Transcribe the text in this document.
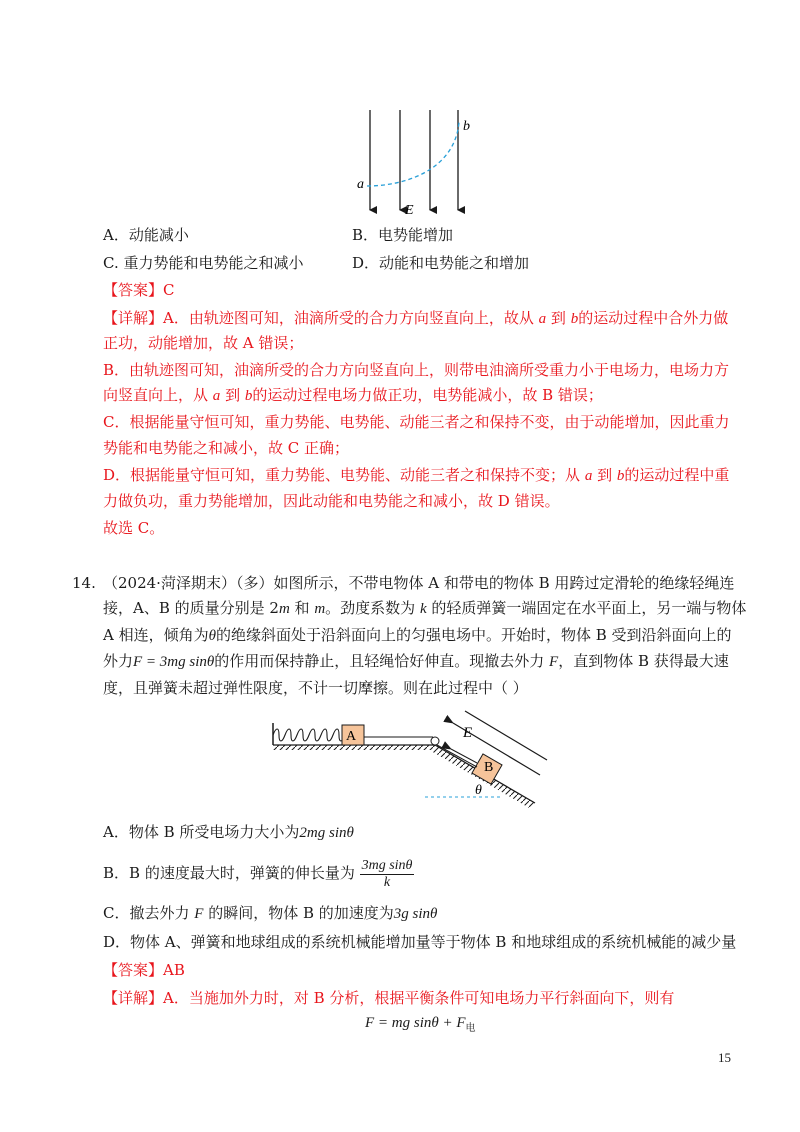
a
b
E
A．动能减小	B．电势能增加
C. 重力势能和电势能之和减小	D．动能和电势能之和增加
【答案】C
【详解】A．由轨迹图可知，油滴所受的合力方向竖直向上，故从 a 到 b的运动过程中合外力做
正功，动能增加，故 A 错误；
B．由轨迹图可知，油滴所受的合力方向竖直向上，则带电油滴所受重力小于电场力，电场力方
向竖直向上，从 a 到 b的运动过程电场力做正功，电势能减小，故 B 错误；
C．根据能量守恒可知，重力势能、电势能、动能三者之和保持不变，由于动能增加，因此重力
势能和电势能之和减小，故 C 正确；
D．根据能量守恒可知，重力势能、电势能、动能三者之和保持不变；从 a 到 b的运动过程中重
力做负功，重力势能增加，因此动能和电势能之和减小，故 D 错误。
故选 C。
14. （2024·菏泽期末）（多）如图所示，不带电物体 A 和带电的物体 B 用跨过定滑轮的绝缘轻绳连
接，A、B 的质量分别是 2m 和 m。劲度系数为 k 的轻质弹簧一端固定在水平面上，另一端与物体
A 相连，倾角为θ的绝缘斜面处于沿斜面向上的匀强电场中。开始时，物体 B 受到沿斜面向上的
外力F = 3mg sinθ的作用而保持静止，且轻绳恰好伸直。现撤去外力 F，直到物体 B 获得最大速
度，且弹簧未超过弹性限度，不计一切摩擦。则在此过程中（ ）
A
B
E
θ
A．物体 B 所受电场力大小为2mg sinθ
B．B 的速度最大时，弹簧的伸长量为 $\frac{\text{3mg sinθ}}{k}$
C．撤去外力 F 的瞬间，物体 B 的加速度为3g sinθ
D．物体 A、弹簧和地球组成的系统机械能增加量等于物体 B 和地球组成的系统机械能的减少量
【答案】AB
【详解】A．当施加外力时，对 B 分析，根据平衡条件可知电场力平行斜面向下，则有
F = mg $\sin\theta + F_电$
15
